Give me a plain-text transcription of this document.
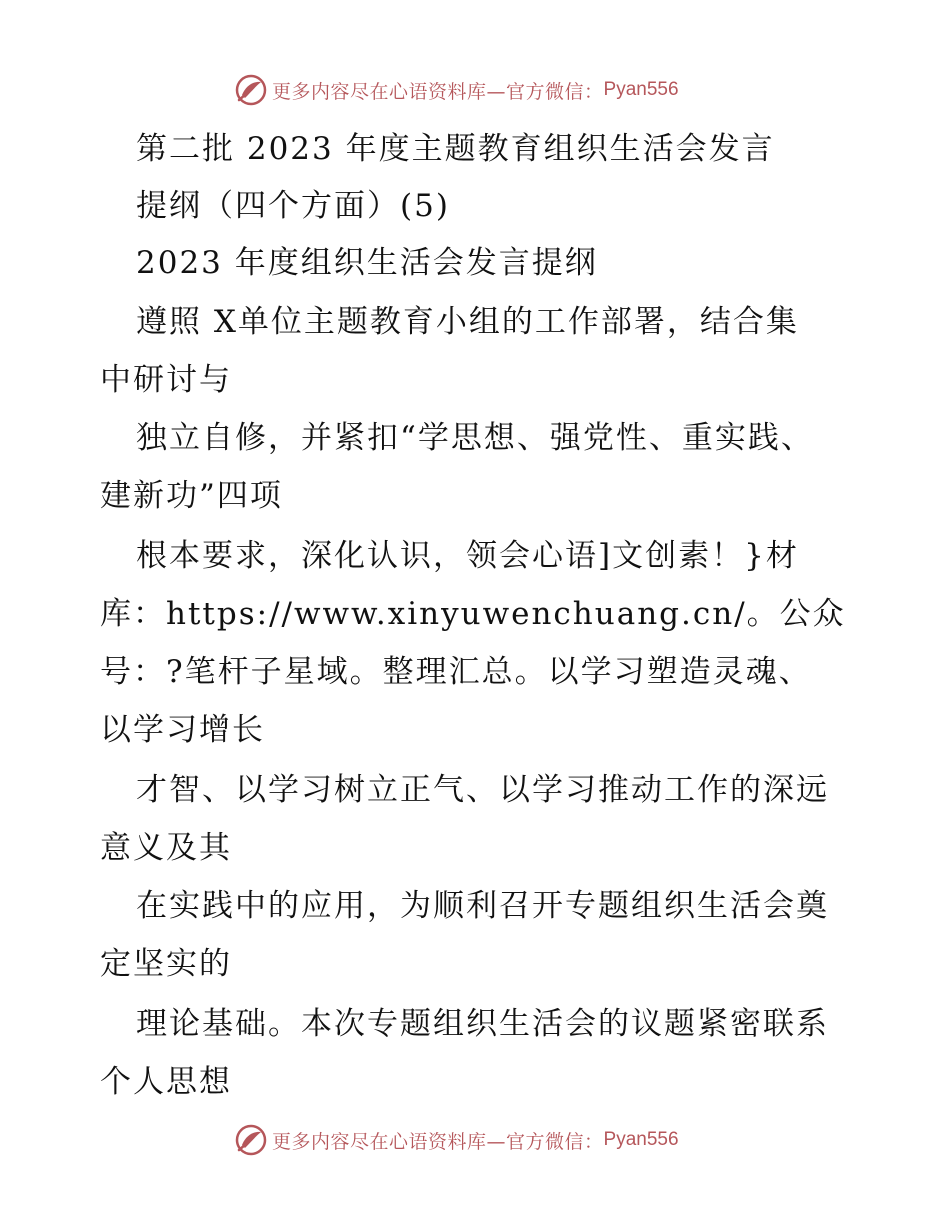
更多内容尽在心语资料库—官方微信： Pyan556
第二批 2023 年度主题教育组织生活会发言
提纲（四个方面）(5)
2023 年度组织生活会发言提纲
遵照 X单位主题教育小组的工作部署，结合集
中研讨与
独立自修，并紧扣“学思想、强党性、重实践、
建新功”四项
根本要求，深化认识，领会心语]文创素！}材
库：https://www.xinyuwenchuang.cn/。公众
号：?笔杆子星域。整理汇总。以学习塑造灵魂、
以学习增长
才智、以学习树立正气、以学习推动工作的深远
意义及其
在实践中的应用，为顺利召开专题组织生活会奠
定坚实的
理论基础。本次专题组织生活会的议题紧密联系
个人思想
更多内容尽在心语资料库—官方微信： Pyan556
